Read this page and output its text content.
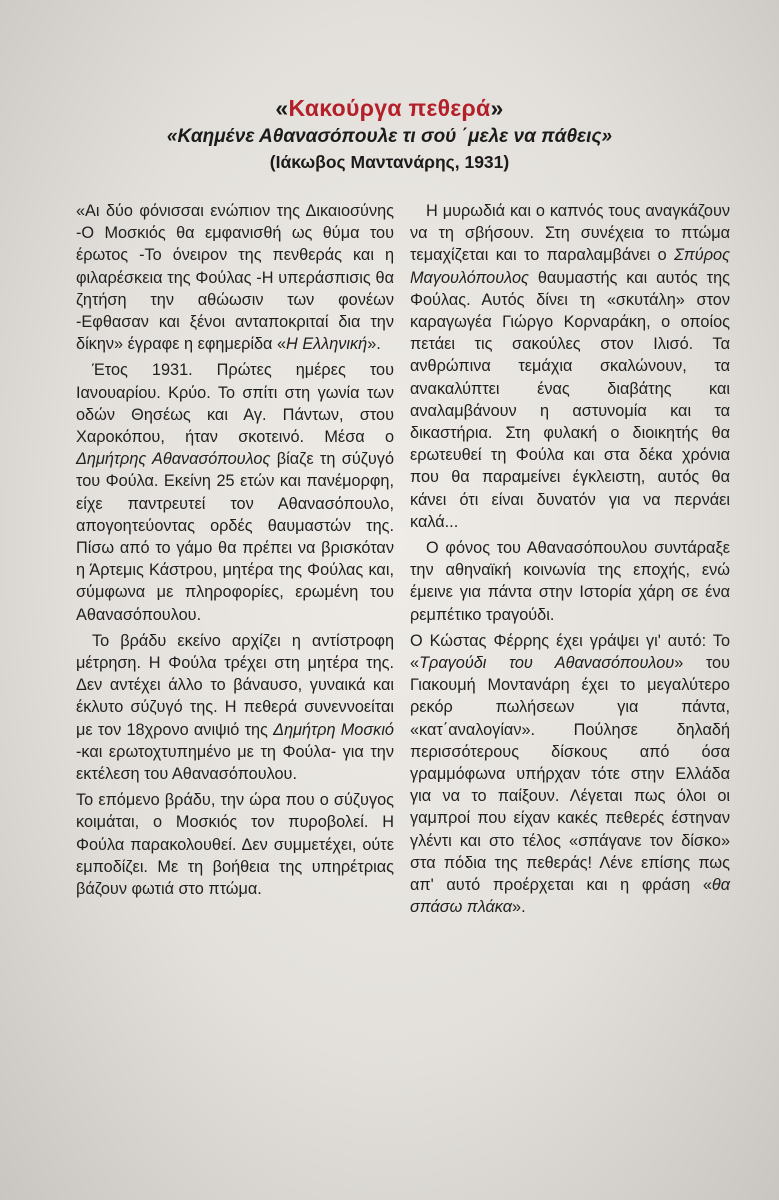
«Κακούργα πεθερά»
«Καημένε Αθανασόπουλε τι σού ΄μελε να πάθεις»
(Ιάκωβος Μαντανάρης, 1931)

«Αι δύο φόνισσαι ενώπιον της Δικαιοσύνης -Ο Μοσκιός θα εμφανισθή ως θύμα του έρωτος -Το όνειρον της πενθεράς και η φιλαρέσκεια της Φούλας -Η υπεράσπισις θα ζητήση την αθώωσιν των φονέων -Εφθασαν και ξένοι ανταποκριταί δια την δίκην» έγραφε η εφημερίδα «Η Ελληνική».

Έτος 1931. Πρώτες ημέρες του Ιανουαρίου. Κρύο. Το σπίτι στη γωνία των οδών Θησέως και Αγ. Πάντων, στου Χαροκόπου, ήταν σκοτεινό. Μέσα ο Δημήτρης Αθανασόπουλος βίαζε τη σύζυγό του Φούλα. Εκείνη 25 ετών και πανέμορφη, είχε παντρευτεί τον Αθανασόπουλο, απογοητεύοντας ορδές θαυμαστών της. Πίσω από το γάμο θα πρέπει να βρισκόταν η Άρτεμις Κάστρου, μητέρα της Φούλας και, σύμφωνα με πληροφορίες, ερωμένη του Αθανασόπουλου.

Το βράδυ εκείνο αρχίζει η αντίστροφη μέτρηση. Η Φούλα τρέχει στη μητέρα της. Δεν αντέχει άλλο το βάναυσο, γυναικά και έκλυτο σύζυγό της. Η πεθερά συνεννοείται με τον 18χρονο ανιψιό της Δημήτρη Μοσκιό -και ερωτοχτυπημένο με τη Φούλα- για την εκτέλεση του Αθανασόπουλου.

Το επόμενο βράδυ, την ώρα που ο σύζυγος κοιμάται, ο Μοσκιός τον πυροβολεί. Η Φούλα παρακολουθεί. Δεν συμμετέχει, ούτε εμποδίζει. Με τη βοήθεια της υπηρέτριας βάζουν φωτιά στο πτώμα.

Η μυρωδιά και ο καπνός τους αναγκάζουν να τη σβήσουν. Στη συνέχεια το πτώμα τεμαχίζεται και το παραλαμβάνει ο Σπύρος Μαγουλόπουλος θαυμαστής και αυτός της Φούλας. Αυτός δίνει τη «σκυτάλη» στον καραγωγέα Γιώργο Κορναράκη, ο οποίος πετάει τις σακούλες στον Ιλισό. Τα ανθρώπινα τεμάχια σκαλώνουν, τα ανακαλύπτει ένας διαβάτης και αναλαμβάνουν η αστυνομία και τα δικαστήρια. Στη φυλακή ο διοικητής θα ερωτευθεί τη Φούλα και στα δέκα χρόνια που θα παραμείνει έγκλειστη, αυτός θα κάνει ότι είναι δυνατόν για να περνάει καλά...

Ο φόνος του Αθανασόπουλου συντάραξε την αθηναϊκή κοινωνία της εποχής, ενώ έμεινε για πάντα στην Ιστορία χάρη σε ένα ρεμπέτικο τραγούδι.

Ο Κώστας Φέρρης έχει γράψει γι' αυτό: Το «Τραγούδι του Αθανασόπουλου» του Γιακουμή Μοντανάρη έχει το μεγαλύτερο ρεκόρ πωλήσεων για πάντα, «κατ΄αναλογίαν». Πούλησε δηλαδή περισσότερους δίσκους από όσα γραμμόφωνα υπήρχαν τότε στην Ελλάδα για να το παίξουν. Λέγεται πως όλοι οι γαμπροί που είχαν κακές πεθερές έστηναν γλέντι και στο τέλος «σπάγανε τον δίσκο» στα πόδια της πεθεράς! Λένε επίσης πως απ' αυτό προέρχεται και η φράση «θα σπάσω πλάκα».
